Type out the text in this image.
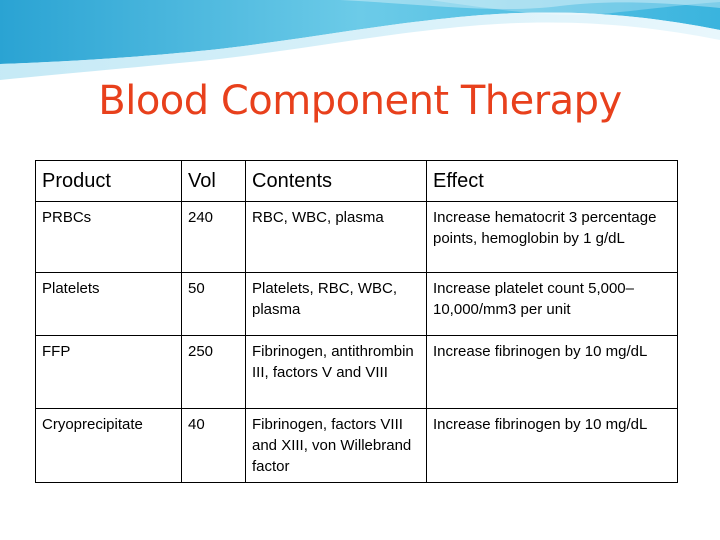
Blood Component Therapy
Product	Vol	Contents	Effect
PRBCs	240	RBC, WBC, plasma	Increase hematocrit 3 percentage points, hemoglobin by 1 g/dL
Platelets	50	Platelets, RBC, WBC, plasma	Increase platelet count 5,000– 10,000/mm3 per unit
FFP	250	Fibrinogen, antithrombin III, factors V and VIII	Increase fibrinogen by 10 mg/dL
Cryoprecipitate	40	Fibrinogen, factors VIII and XIII, von Willebrand factor	Increase fibrinogen by 10 mg/dL
